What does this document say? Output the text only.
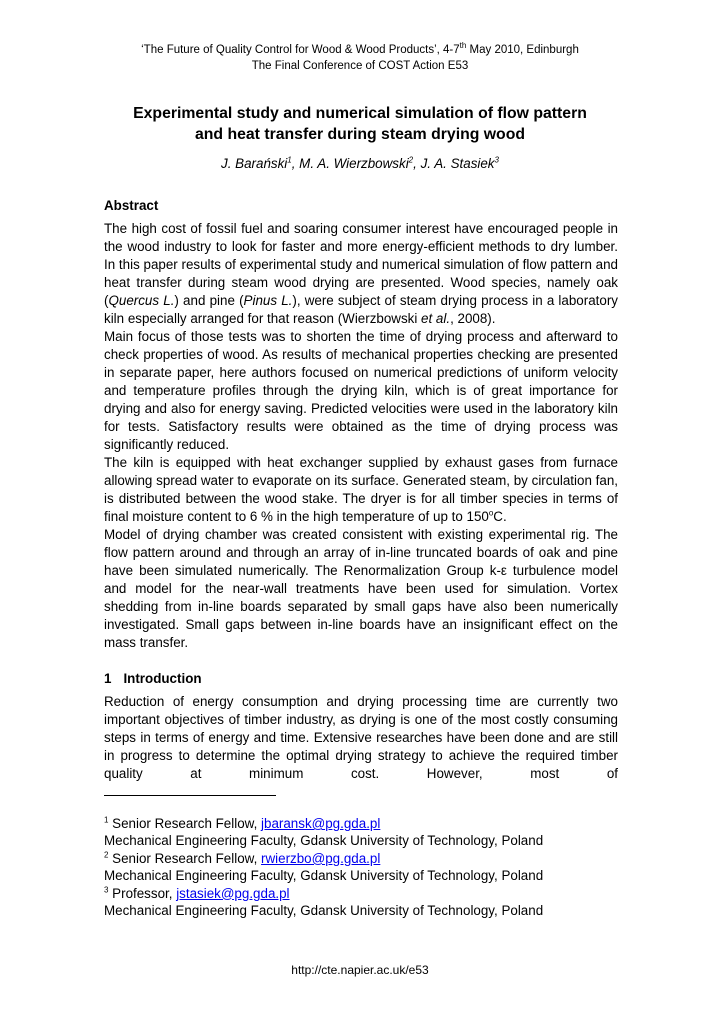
‘The Future of Quality Control for Wood & Wood Products’, 4-7th May 2010, Edinburgh
The Final Conference of COST Action E53
Experimental study and numerical simulation of flow pattern
and heat transfer during steam drying wood
J. Barański$^1$, M. A. Wierzbowski$^2$, J. A. Stasiek$^3$
Abstract

The high cost of fossil fuel and soaring consumer interest have encouraged people in the wood industry to look for faster and more energy-efficient methods to dry lumber. In this paper results of experimental study and numerical simulation of flow pattern and heat transfer during steam wood drying are presented. Wood species, namely oak (Quercus L.) and pine (Pinus L.), were subject of steam drying process in a laboratory kiln especially arranged for that reason (Wierzbowski et al., 2008).

Main focus of those tests was to shorten the time of drying process and afterward to check properties of wood. As results of mechanical properties checking are presented in separate paper, here authors focused on numerical predictions of uniform velocity and temperature profiles through the drying kiln, which is of great importance for drying and also for energy saving. Predicted velocities were used in the laboratory kiln for tests. Satisfactory results were obtained as the time of drying process was significantly reduced.

The kiln is equipped with heat exchanger supplied by exhaust gases from furnace allowing spread water to evaporate on its surface. Generated steam, by circulation fan, is distributed between the wood stake. The dryer is for all timber species in terms of final moisture content to 6 % in the high temperature of up to 150$^o$C.

Model of drying chamber was created consistent with existing experimental rig. The flow pattern around and through an array of in-line truncated boards of oak and pine have been simulated numerically. The Renormalization Group k-ε turbulence model and model for the near-wall treatments have been used for simulation. Vortex shedding from in-line boards separated by small gaps have also been numerically investigated. Small gaps between in-line boards have an insignificant effect on the mass transfer.

1 Introduction

Reduction of energy consumption and drying processing time are currently two important objectives of timber industry, as drying is one of the most costly consuming steps in terms of energy and time. Extensive researches have been done and are still in progress to determine the optimal drying strategy to achieve the required timber quality at minimum cost. However, most of

$^1$ Senior Research Fellow, jbaransk@pg.gda.pl
Mechanical Engineering Faculty, Gdansk University of Technology, Poland
$^2$ Senior Research Fellow, rwierzbo@pg.gda.pl
Mechanical Engineering Faculty, Gdansk University of Technology, Poland
$^3$ Professor, jstasiek@pg.gda.pl
Mechanical Engineering Faculty, Gdansk University of Technology, Poland
http://cte.napier.ac.uk/e53
